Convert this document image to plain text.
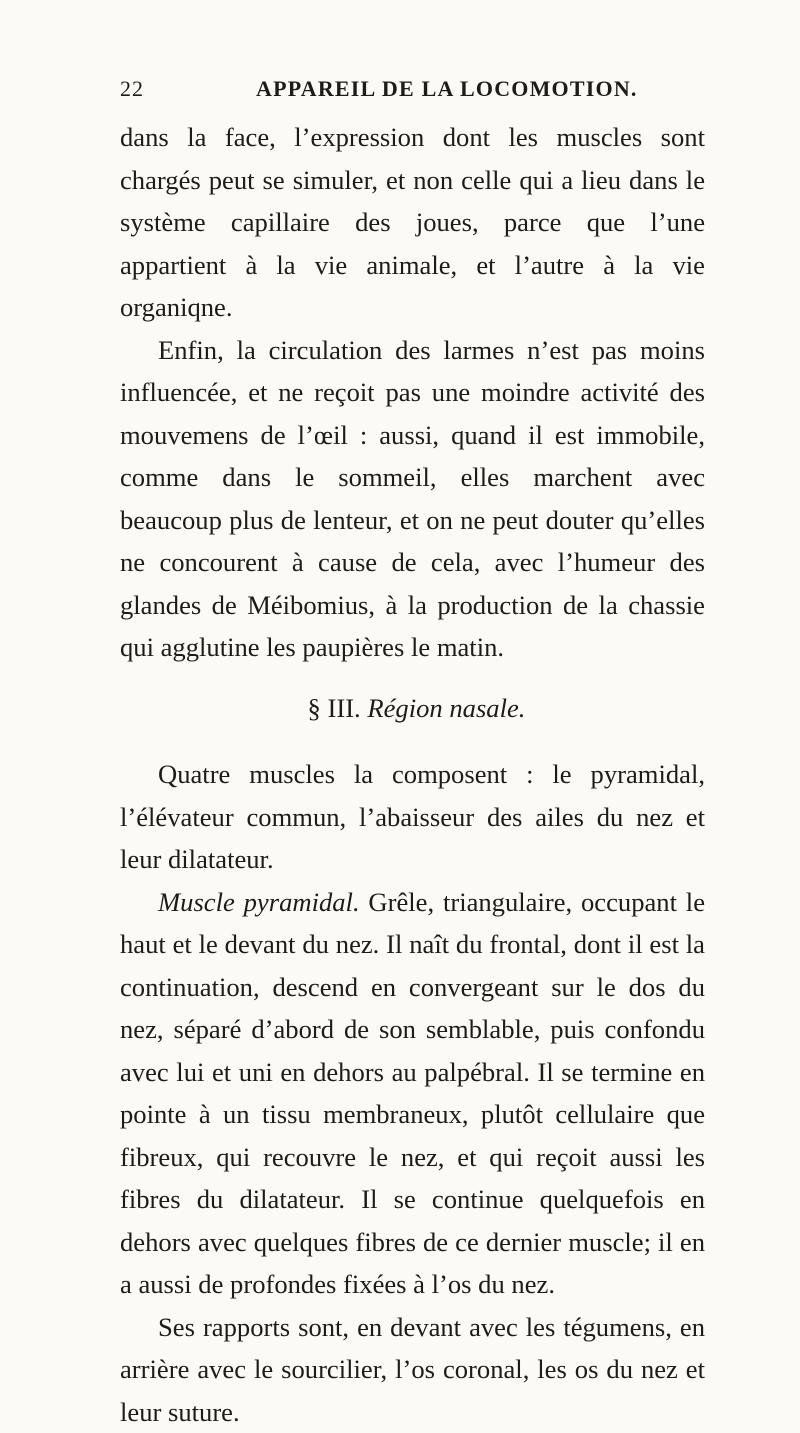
22	APPAREIL DE LA LOCOMOTION.

dans la face, l’expression dont les muscles sont chargés peut se simuler, et non celle qui a lieu dans le système capillaire des joues, parce que l’une appartient à la vie animale, et l’autre à la vie organiqne.

Enfin, la circulation des larmes n’est pas moins influencée, et ne reçoit pas une moindre activité des mouvemens de l’œil : aussi, quand il est immobile, comme dans le sommeil, elles marchent avec beaucoup plus de lenteur, et on ne peut douter qu’elles ne concourent à cause de cela, avec l’humeur des glandes de Méibomius, à la production de la chassie qui agglutine les paupières le matin.

§ III. Région nasale.

Quatre muscles la composent : le pyramidal, l’élévateur commun, l’abaisseur des ailes du nez et leur dilatateur.

Muscle pyramidal. Grêle, triangulaire, occupant le haut et le devant du nez. Il naît du frontal, dont il est la continuation, descend en convergeant sur le dos du nez, séparé d’abord de son semblable, puis confondu avec lui et uni en dehors au palpébral. Il se termine en pointe à un tissu membraneux, plutôt cellulaire que fibreux, qui recouvre le nez, et qui reçoit aussi les fibres du dilatateur. Il se continue quelquefois en dehors avec quelques fibres de ce dernier muscle; il en a aussi de profondes fixées à l’os du nez.

Ses rapports sont, en devant avec les tégumens, en arrière avec le sourcilier, l’os coronal, les os du nez et leur suture.
